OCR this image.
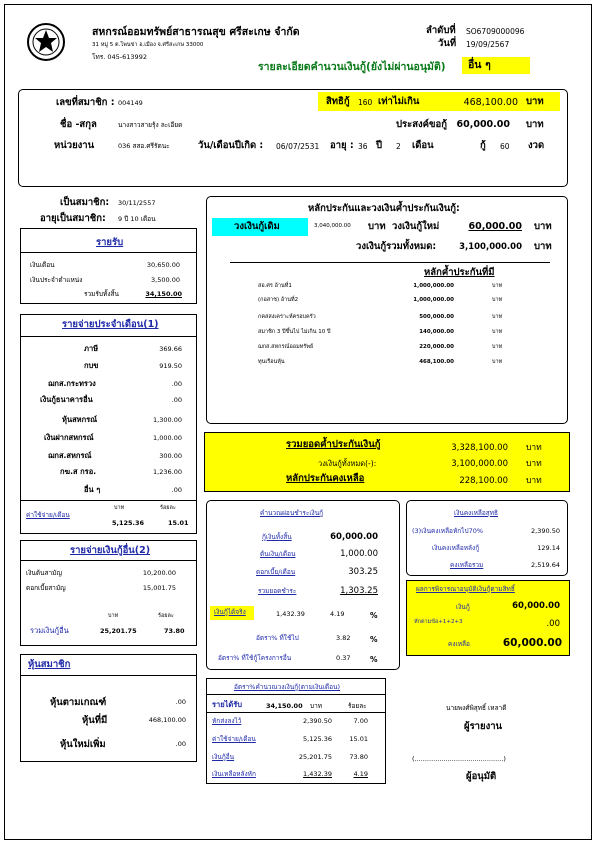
สหกรณ์ออมทรัพย์สาธารณสุข ศรีสะเกษ จำกัด
31 หมู่ 5 ต.โพนข่า อ.เมือง จ.ศรีสะเกษ 33000
โทร. 045-613992
ลำดับที่ SO6709000096
วันที่ 19/09/2567
รายละเอียดคำนวนเงินกู้(ยังไม่ผ่านอนุมัติ)	อื่น ๆ
เลขที่สมาชิก : 004149	สิทธิกู้ 160 เท่าไม่เกิน	468,100.00 บาท
ชื่อ -สกุล	นางสาวสายรุ้ง ละเอียด	ประสงค์ขอกู้	60,000.00 บาท
หน่วยงาน	036 สสอ.ศรีรัตนะ	วัน/เดือนปีเกิด : 06/07/2531 อายุ : 36 ปี 2 เดือน	กู้ 60 งวด
เป็นสมาชิก: 30/11/2557
อายุเป็นสมาชิก: 9 ปี 10 เดือน
รายรับ
เงินเดือน	30,650.00
เงินประจำตำแหน่ง	3,500.00
รวมรับทั้งสิ้น	34,150.00
รายจ่ายประจำเดือน(1)
ภาษี	369.66
กบข	919.50
ฌกส.กระทรวง	.00
เงินกู้ธนาคารอื่น	.00
หุ้นสหกรณ์	1,300.00
เงินฝากสหกรณ์	1,000.00
ฌกส.สหกรณ์	300.00
กฆ.ส กรอ.	1,236.00
อื่น ๆ	.00
ค่าใช้จ่าย/เดือน
บาท	ร้อยละ
5,125.36	15.01
รายจ่ายเงินกู้อื่น(2)
เงินต้นสามัญ	10,200.00
ดอกเบี้ยสามัญ	15,001.75
บาท	ร้อยละ
รวมเงินกู้อื่น	25,201.75	73.80
หุ้นสมาชิก
หุ้นตามเกณฑ์	.00
หุ้นที่มี	468,100.00
หุ้นใหม่เพิ่ม	.00
หลักประกันและวงเงินค้ำประกันเงินกู้:
วงเงินกู้เดิม	3,040,000.00 บาท วงเงินกู้ใหม่	60,000.00 บาท
วงเงินกู้รวมทั้งหมด:	3,100,000.00 บาท
หลักค้ำประกันที่มี
สอ.ศร อ้านที่1	1,000,000.00	บาท
(กอสาช) อ้านที่2	1,000,000.00	บาท
กคสสงเคราะห์ครอบครัว	500,000.00	บาท
สมาชิก 3 ปีขึ้นไป ไม่เกิน 10 ปี	140,000.00	บาท
ฌกส.สหกรณ์ออมทรัพย์	220,000.00	บาท
ทุนเรือนหุ้น	468,100.00	บาท
รวมยอดค้ำประกันเงินกู้	3,328,100.00 บาท
วงเงินกู้ทั้งหมด(-):	3,100,000.00 บาท
หลักประกันคงเหลือ	228,100.00 บาท
คำนวณผ่อนชำระเงินกู้
กู้เงินทั้งสิ้น	60,000.00
ต้นเงิน/เดือน	1,000.00
ดอกเบี้ย/เดือน	303.25
รวมยอดชำระ	1,303.25
เงินกู้ได้จริง	1,432.39	4.19	%
อัตรา% ที่ใช้ไป	3.82	%
อัตรา% ที่ใช้กู้โครงการอื่น	0.37	%
เงินคงเหลือสุทธิ
(3)เงินคงเหลือหักไป70%	2,390.50
เงินคงเหลือหลังกู้	129.14
คงเหลือรวม	2,519.64
ผลการพิจารณาอนุมัติเงินกู้ตามสิทธิ์
เงินกู้	60,000.00
หักตามข้อ+1+2+3	.00
คงเหลือ	60,000.00
อัตรา%คำนวณวงเงินกู้(ตามเงินเดือน)
รายได้รับ	34,150.00 บาท	ร้อยละ
หักส่งลงไว้	2,390.50	7.00
ค่าใช้จ่าย/เดือน	5,125.36	15.01
เงินกู้อื่น	25,201.75	73.80
เงินเหลือหลังหัก	1,432.39	4.19
นายพงศ์พิสุทธิ์ เหลาดี
ผู้รายงาน
(...........................................)
ผู้อนุมัติ
